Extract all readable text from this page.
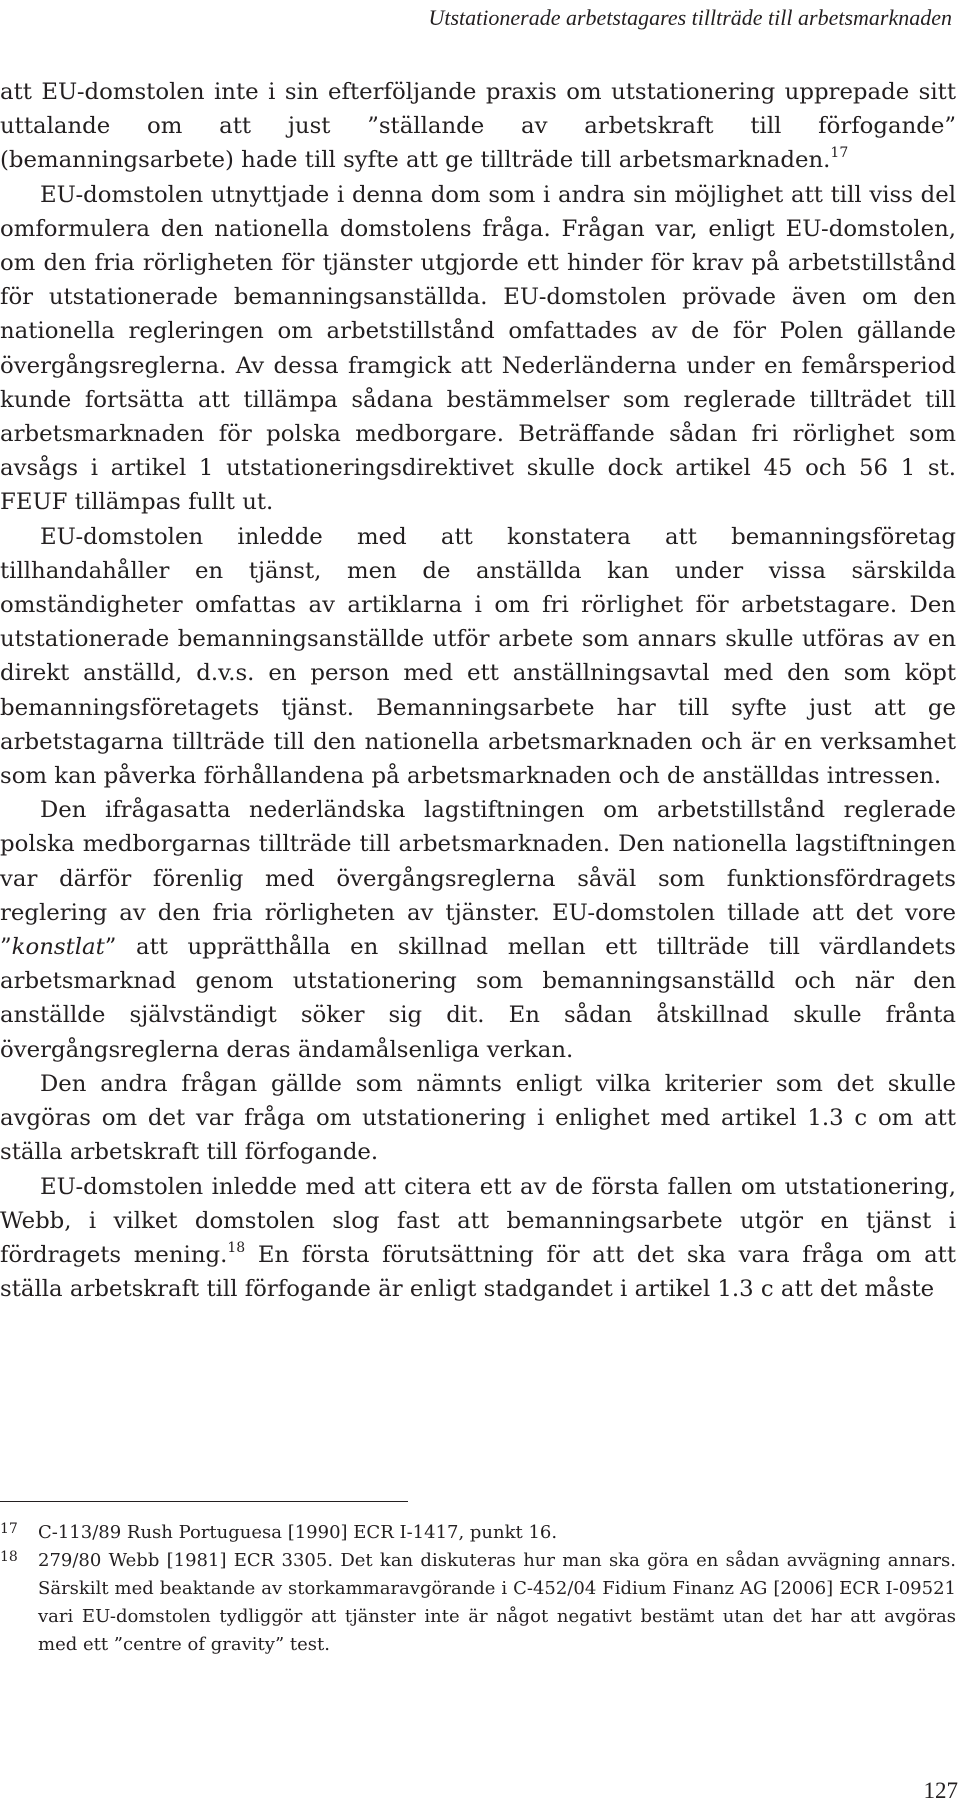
Utstationerade arbetstagares tillträde till arbetsmarknaden

att EU-domstolen inte i sin efterföljande praxis om utstationering upprepade sitt uttalande om att just ”ställande av arbetskraft till förfogande” (bemanningsarbete) hade till syfte att ge tillträde till arbetsmarknaden.$^{17}$

EU-domstolen utnyttjade i denna dom som i andra sin möjlighet att till viss del omformulera den nationella domstolens fråga. Frågan var, enligt EU-domstolen, om den fria rörligheten för tjänster utgjorde ett hinder för krav på arbetstillstånd för utstationerade bemanningsanställda. EU-domstolen prövade även om den nationella regleringen om arbetstillstånd omfattades av de för Polen gällande övergångsreglerna. Av dessa framgick att Nederländerna under en femårsperiod kunde fortsätta att tillämpa sådana bestämmelser som reglerade tillträdet till arbetsmarknaden för polska medborgare. Beträffande sådan fri rörlighet som avsågs i artikel 1 utstationeringsdirektivet skulle dock artikel 45 och 56 1 st. FEUF tillämpas fullt ut.

EU-domstolen inledde med att konstatera att bemanningsföretag tillhandahåller en tjänst, men de anställda kan under vissa särskilda omständigheter omfattas av artiklarna i om fri rörlighet för arbetstagare. Den utstationerade bemanningsanställde utför arbete som annars skulle utföras av en direkt anställd, d.v.s. en person med ett anställningsavtal med den som köpt bemanningsföretagets tjänst. Bemanningsarbete har till syfte just att ge arbetstagarna tillträde till den nationella arbetsmarknaden och är en verksamhet som kan påverka förhållandena på arbetsmarknaden och de anställdas intressen.

Den ifrågasatta nederländska lagstiftningen om arbetstillstånd reglerade polska medborgarnas tillträde till arbetsmarknaden. Den nationella lagstiftningen var därför förenlig med övergångsreglerna såväl som funktionsfördragets reglering av den fria rörligheten av tjänster. EU-domstolen tillade att det vore ”konstlat” att upprätthålla en skillnad mellan ett tillträde till värdlandets arbetsmarknad genom utstationering som bemanningsanställd och när den anställde självständigt söker sig dit. En sådan åtskillnad skulle frånta övergångsreglerna deras ändamålsenliga verkan.

Den andra frågan gällde som nämnts enligt vilka kriterier som det skulle avgöras om det var fråga om utstationering i enlighet med artikel 1.3 c om att ställa arbetskraft till förfogande.

EU-domstolen inledde med att citera ett av de första fallen om utstationering, Webb, i vilket domstolen slog fast att bemanningsarbete utgör en tjänst i fördragets mening.$^{18}$ En första förutsättning för att det ska vara fråga om att ställa arbetskraft till förfogande är enligt stadgandet i artikel 1.3 c att det måste

17	C-113/89 Rush Portuguesa [1990] ECR I-1417, punkt 16.
18	279/80 Webb [1981] ECR 3305. Det kan diskuteras hur man ska göra en sådan avvägning annars. Särskilt med beaktande av storkammaravgörande i C-452/04 Fidium Finanz AG [2006] ECR I-09521 vari EU-domstolen tydliggör att tjänster inte är något negativt bestämt utan det har att avgöras med ett ”centre of gravity” test.
127
